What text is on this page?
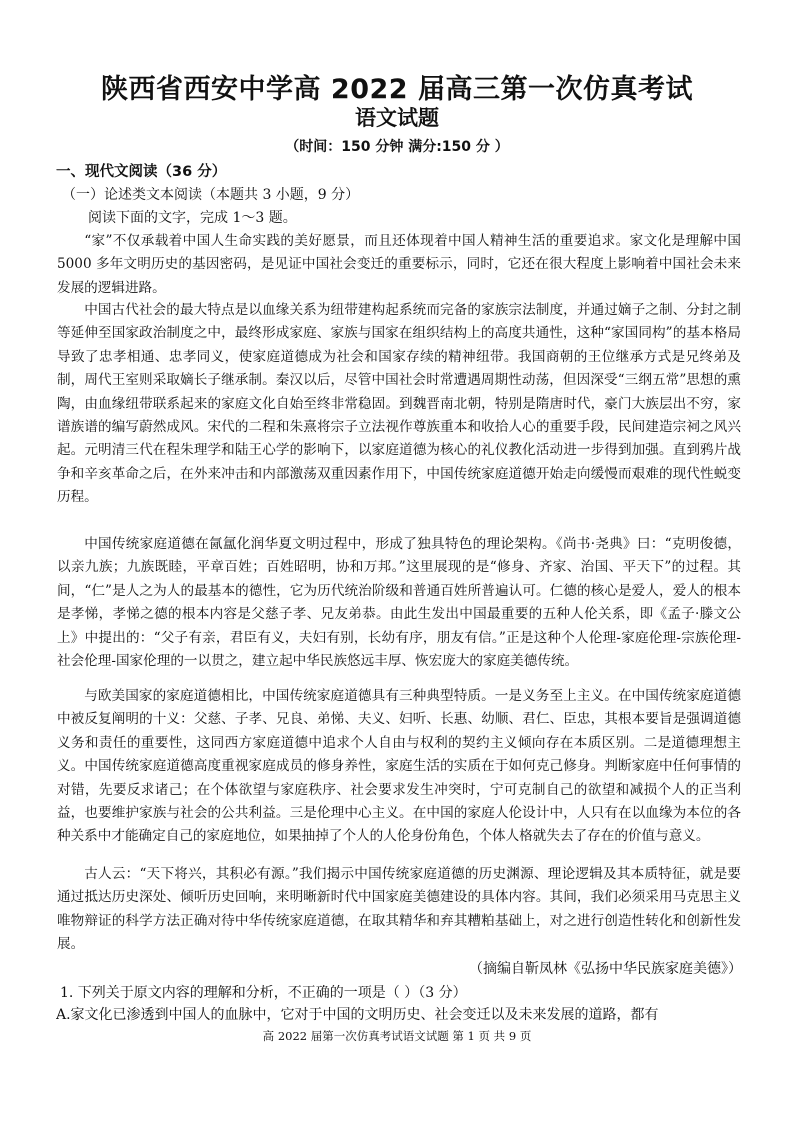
陕西省西安中学高 2022 届高三第一次仿真考试
语文试题
（时间：150 分钟 满分:150 分 ）
一、现代文阅读（36 分）
（一）论述类文本阅读（本题共 3 小题，9 分）
阅读下面的文字，完成 1～3 题。

“家”不仅承载着中国人生命实践的美好愿景，而且还体现着中国人精神生活的重要追求。家文化是理解中国 5000 多年文明历史的基因密码，是见证中国社会变迁的重要标示，同时，它还在很大程度上影响着中国社会未来发展的逻辑进路。

中国古代社会的最大特点是以血缘关系为纽带建构起系统而完备的家族宗法制度，并通过嫡子之制、分封之制等延伸至国家政治制度之中，最终形成家庭、家族与国家在组织结构上的高度共通性，这种“家国同构”的基本格局导致了忠孝相通、忠孝同义，使家庭道德成为社会和国家存续的精神纽带。我国商朝的王位继承方式是兄终弟及制，周代王室则采取嫡长子继承制。秦汉以后，尽管中国社会时常遭遇周期性动荡，但因深受“三纲五常”思想的熏陶，由血缘纽带联系起来的家庭文化自始至终非常稳固。到魏晋南北朝，特别是隋唐时代，豪门大族层出不穷，家谱族谱的编写蔚然成风。宋代的二程和朱熹将宗子立法视作尊族重本和收拾人心的重要手段，民间建造宗祠之风兴起。元明清三代在程朱理学和陆王心学的影响下，以家庭道德为核心的礼仪教化活动进一步得到加强。直到鸦片战争和辛亥革命之后，在外来冲击和内部激荡双重因素作用下，中国传统家庭道德开始走向缓慢而艰难的现代性蜕变历程。

中国传统家庭道德在氤氲化润华夏文明过程中，形成了独具特色的理论架构。《尚书·尧典》曰：“克明俊德，以亲九族；九族既睦，平章百姓；百姓昭明，协和万邦。”这里展现的是“修身、齐家、治国、平天下”的过程。其间，“仁”是人之为人的最基本的德性，它为历代统治阶级和普通百姓所普遍认可。仁德的核心是爱人，爱人的根本是孝悌，孝悌之德的根本内容是父慈子孝、兄友弟恭。由此生发出中国最重要的五种人伦关系，即《孟子·滕文公上》中提出的：“父子有亲，君臣有义，夫妇有别，长幼有序，朋友有信。”正是这种个人伦理-家庭伦理-宗族伦理-社会伦理-国家伦理的一以贯之，建立起中华民族悠远丰厚、恢宏庞大的家庭美德传统。

与欧美国家的家庭道德相比，中国传统家庭道德具有三种典型特质。一是义务至上主义。在中国传统家庭道德中被反复阐明的十义：父慈、子孝、兄良、弟悌、夫义、妇听、长惠、幼顺、君仁、臣忠，其根本要旨是强调道德义务和责任的重要性，这同西方家庭道德中追求个人自由与权利的契约主义倾向存在本质区别。二是道德理想主义。中国传统家庭道德高度重视家庭成员的修身养性，家庭生活的实质在于如何克己修身。判断家庭中任何事情的对错，先要反求诸己；在个体欲望与家庭秩序、社会要求发生冲突时，宁可克制自己的欲望和减损个人的正当利益，也要维护家族与社会的公共利益。三是伦理中心主义。在中国的家庭人伦设计中，人只有在以血缘为本位的各种关系中才能确定自己的家庭地位，如果抽掉了个人的人伦身份角色，个体人格就失去了存在的价值与意义。

古人云：“天下将兴，其积必有源。”我们揭示中国传统家庭道德的历史渊源、理论逻辑及其本质特征，就是要通过抵达历史深处、倾听历史回响，来明晰新时代中国家庭美德建设的具体内容。其间，我们必须采用马克思主义唯物辩证的科学方法正确对待中华传统家庭道德，在取其精华和弃其糟粕基础上，对之进行创造性转化和创新性发展。

（摘编自靳凤林《弘扬中华民族家庭美德》）
1. 下列关于原文内容的理解和分析，不正确的一项是（ ）（3 分）
A.家文化已渗透到中国人的血脉中，它对于中国的文明历史、社会变迁以及未来发展的道路，都有
高 2022 届第一次仿真考试语文试题 第 1 页 共 9 页
